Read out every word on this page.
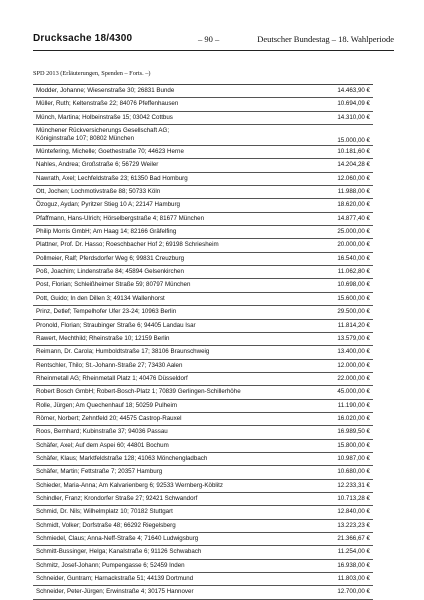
Drucksache 18/4300	– 90 –	Deutscher Bundestag – 18. Wahlperiode
SPD 2013 (Erläuterungen, Spenden – Forts. –)
Modder, Johanne; Wiesenstraße 30; 26831 Bunde	14.463,90 €
Müller, Ruth; Keltenstraße 22; 84076 Pfeffenhausen	10.694,09 €
Münch, Martina; Holbeinstraße 15; 03042 Cottbus	14.310,00 €
Münchener Rückversicherungs Gesellschaft AG;
Königinstraße 107; 80802 München	15.000,00 €
Müntefering, Michelle; Goethestraße 70; 44623 Herne	10.181,60 €
Nahles, Andrea; Großstraße 6; 56729 Weiler	14.204,28 €
Nawrath, Axel; Lechfeldstraße 23; 61350 Bad Homburg	12.060,00 €
Ott, Jochen; Lochmotivstraße 88; 50733 Köln	11.988,00 €
Özoguz, Aydan; Pyritzer Stieg 10 A; 22147 Hamburg	18.620,00 €
Pfaffmann, Hans-Ulrich; Hörselbergstraße 4; 81677 München	14.877,40 €
Philip Morris GmbH; Am Haag 14; 82166 Gräfelfing	25.000,00 €
Plattner, Prof. Dr. Hasso; Roeschbacher Hof 2; 69198 Schriesheim	20.000,00 €
Pollmeier, Ralf; Pferdsdorfer Weg 6; 99831 Creuzburg	16.540,00 €
Poß, Joachim; Lindenstraße 84; 45894 Gelsenkirchen	11.062,80 €
Post, Florian; Schleißheimer Straße 59; 80797 München	10.698,00 €
Pott, Guido; In den Dillen 3; 49134 Wallenhorst	15.600,00 €
Prinz, Detlef; Tempelhofer Ufer 23-24; 10963 Berlin	29.500,00 €
Pronold, Florian; Straubinger Straße 6; 94405 Landau Isar	11.814,20 €
Rawert, Mechthild; Rheinstraße 10; 12159 Berlin	13.579,00 €
Reimann, Dr. Carola; Humboldtstraße 17; 38106 Braunschweig	13.400,00 €
Rentschler, Thilo; St.-Johann-Straße 27; 73430 Aalen	12.000,00 €
Rheinmetall AG; Rheinmetall Platz 1; 40476 Düsseldorf	22.000,00 €
Robert Bosch GmbH; Robert-Bosch-Platz 1; 70839 Gerlingen-Schillerhöhe	45.000,00 €
Rolle, Jürgen; Am Quechenhauf 18; 50259 Pulheim	11.190,00 €
Römer, Norbert; Zehntfeld 20; 44575 Castrop-Rauxel	16.020,00 €
Roos, Bernhard; Kubinstraße 37; 94036 Passau	16.989,50 €
Schäfer, Axel; Auf dem Aspei 60; 44801 Bochum	15.800,00 €
Schäfer, Klaus; Marktfeldstraße 128; 41063 Mönchengladbach	10.987,00 €
Schäfer, Martin; Fettstraße 7; 20357 Hamburg	10.680,00 €
Schieder, Maria-Anna; Am Kalvarienberg 6; 92533 Wernberg-Köblitz	12.233,31 €
Schindler, Franz; Krondorfer Straße 27; 92421 Schwandorf	10.713,28 €
Schmid, Dr. Nils; Wilhelmplatz 10; 70182 Stuttgart	12.840,00 €
Schmidt, Volker; Dorfstraße 48; 66292 Riegelsberg	13.223,23 €
Schmiedel, Claus; Anna-Neff-Straße 4; 71640 Ludwigsburg	21.366,67 €
Schmitt-Bussinger, Helga; Kanalstraße 6; 91126 Schwabach	11.254,00 €
Schmitz, Josef-Johann; Pumpengasse 6; 52459 Inden	16.938,00 €
Schneider, Guntram; Harnackstraße 51; 44139 Dortmund	11.803,00 €
Schneider, Peter-Jürgen; Erwinstraße 4; 30175 Hannover	12.700,00 €
